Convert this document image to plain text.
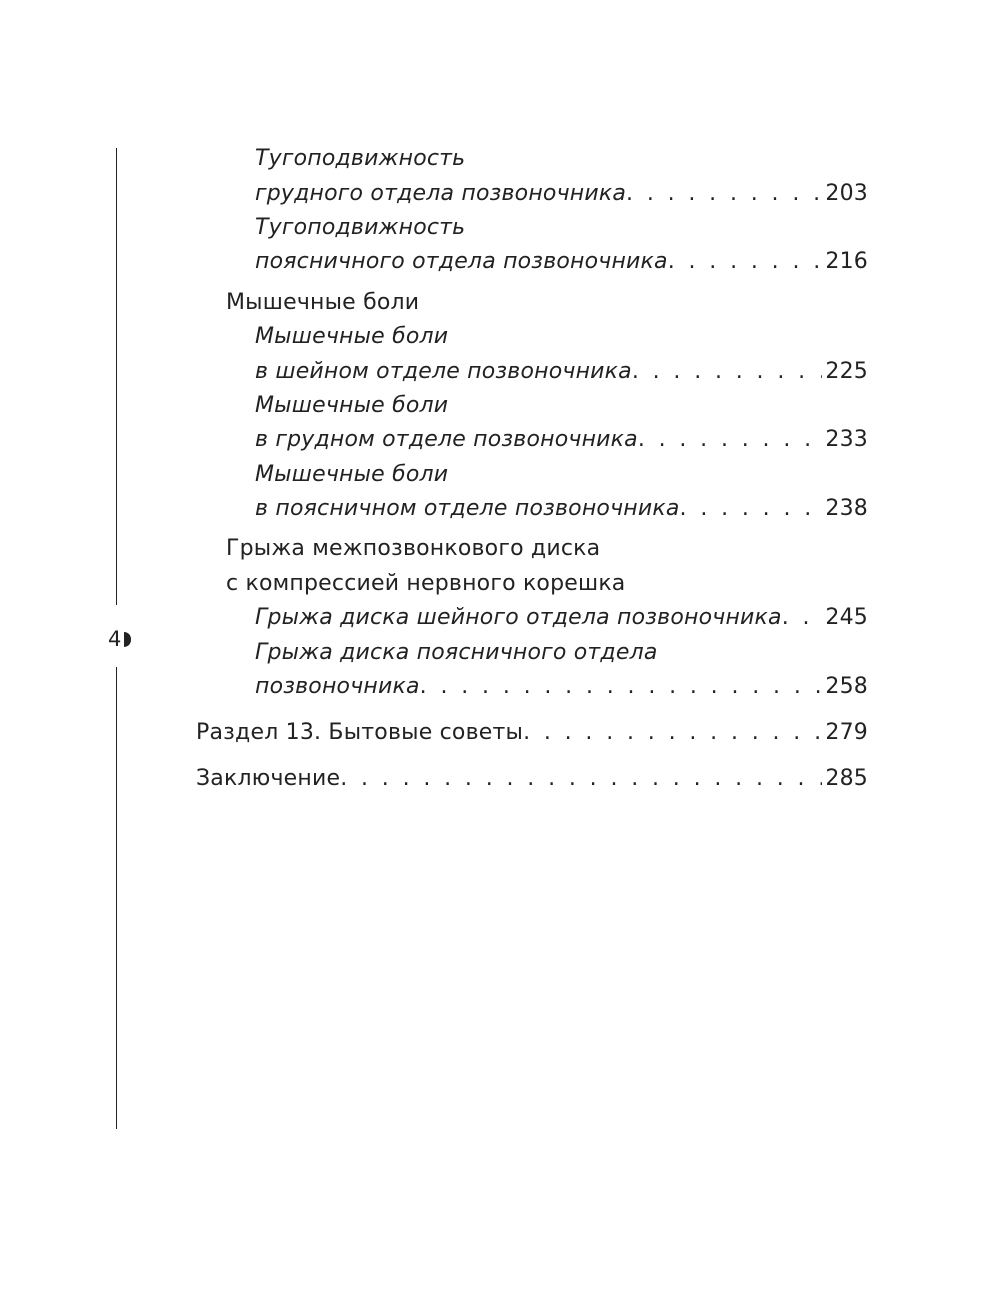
4
Тугоподвижность
грудного отдела позвоночника . . .	203
Тугоподвижность
поясничного отдела позвоночника . . .	216
Мышечные боли
Мышечные боли
в шейном отделе позвоночника . . .	225
Мышечные боли
в грудном отделе позвоночника . . .	233
Мышечные боли
в поясничном отделе позвоночника . . .	238
Грыжа межпозвонкового диска
с компрессией нервного корешка
Грыжа диска шейного отдела позвоночника . . . 245
Грыжа диска поясничного отдела
позвоночника . . .	258
Раздел 13. Бытовые советы . . .	279
Заключение . . .	285
